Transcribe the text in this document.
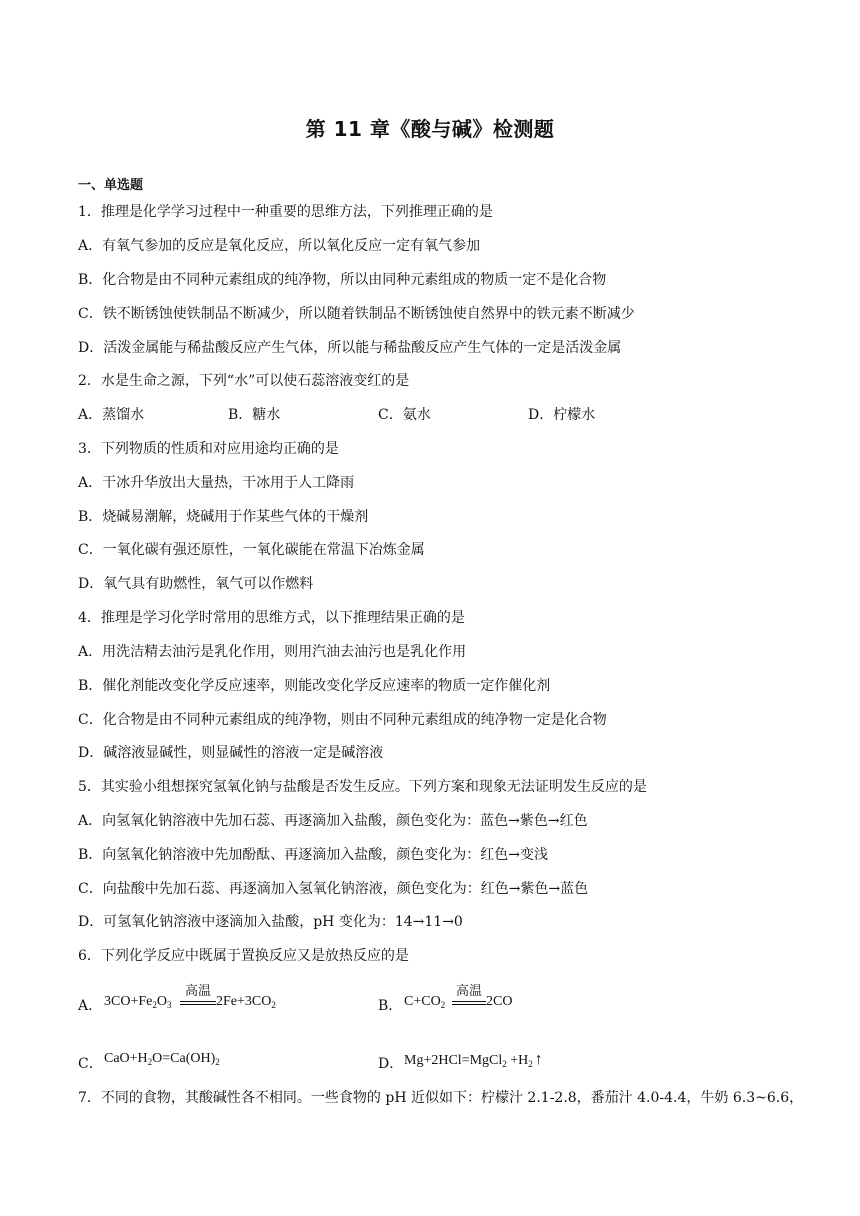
第 11 章《酸与碱》检测题
一、单选题
1．推理是化学学习过程中一种重要的思维方法，下列推理正确的是
A．有氧气参加的反应是氧化反应，所以氧化反应一定有氧气参加
B．化合物是由不同种元素组成的纯净物，所以由同种元素组成的物质一定不是化合物
C．铁不断锈蚀使铁制品不断减少，所以随着铁制品不断锈蚀使自然界中的铁元素不断减少
D．活泼金属能与稀盐酸反应产生气体，所以能与稀盐酸反应产生气体的一定是活泼金属
2．水是生命之源，下列“水”可以使石蕊溶液变红的是
A．蒸馏水	B．糖水	C．氨水	D．柠檬水
3．下列物质的性质和对应用途均正确的是
A．干冰升华放出大量热，干冰用于人工降雨
B．烧碱易潮解，烧碱用于作某些气体的干燥剂
C．一氧化碳有强还原性，一氧化碳能在常温下冶炼金属
D．氧气具有助燃性，氧气可以作燃料
4．推理是学习化学时常用的思维方式，以下推理结果正确的是
A．用洗洁精去油污是乳化作用，则用汽油去油污也是乳化作用
B．催化剂能改变化学反应速率，则能改变化学反应速率的物质一定作催化剂
C．化合物是由不同种元素组成的纯净物，则由不同种元素组成的纯净物一定是化合物
D．碱溶液显碱性，则显碱性的溶液一定是碱溶液
5．其实验小组想探究氢氧化钠与盐酸是否发生反应。下列方案和现象无法证明发生反应的是
A．向氢氧化钠溶液中先加石蕊、再逐滴加入盐酸，颜色变化为：蓝色→紫色→红色
B．向氢氧化钠溶液中先加酚酞、再逐滴加入盐酸，颜色变化为：红色→变浅
C．向盐酸中先加石蕊、再逐滴加入氢氧化钠溶液，颜色变化为：红色→紫色→蓝色
D．可氢氧化钠溶液中逐滴加入盐酸，pH 变化为：14→11→0
6．下列化学反应中既属于置换反应又是放热反应的是
A． $3CO+Fe_2O_3$
高温
$2Fe+3CO_2$	B． $C+CO_2$
高温
2CO
C． $CaO+H_2O=Ca(OH)_2$	D． Mg+2HCl=MgCl$_2$ $+H_2$ ↑
7．不同的食物，其酸碱性各不相同。一些食物的 pH 近似如下：柠檬汁 2.1-2.8，番茄汁 4.0-4.4，牛奶 6.3~6.6，
